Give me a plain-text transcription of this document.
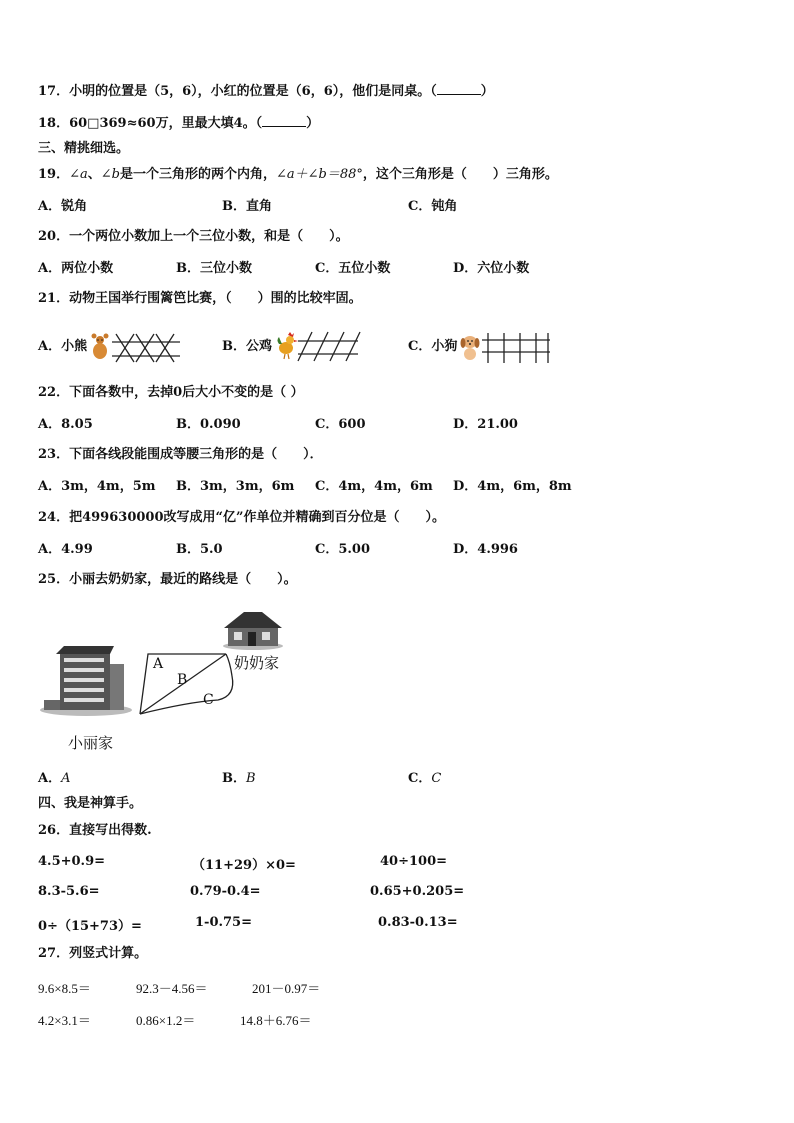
17．小明的位置是（5，6），小红的位置是（6，6），他们是同桌。（	）
18．60□369≈60万，里最大填4。（	）
三、精挑细选。
19．∠a、∠b是一个三角形的两个内角，∠a＋∠b＝88°，这个三角形是（　　）三角形。
A．锐角	B．直角	C．钝角
20．一个两位小数加上一个三位小数，和是（　　）。
A．两位小数	B．三位小数	C．五位小数	D．六位小数
21．动物王国举行围篱笆比赛，（　　）围的比较牢固。
A．小熊	B．公鸡	C．小狗
22．下面各数中，去掉0后大小不变的是（ ）
A．8.05	B．0.090	C．600	D．21.00
23．下面各线段能围成等腰三角形的是（　　）．
A．3m，4m，5m B．3m，3m，6m C．4m，4m，6m D．4m，6m，8m
24．把499630000改写成用“亿”作单位并精确到百分位是（　　）。
A．4.99	B．5.0	C．5.00	D．4.996
25．小丽去奶奶家，最近的路线是（　　）。
A
B
C
奶奶家
小丽家
A．A	B．B	C．C
四、我是神算手。
26．直接写出得数.
4.5+0.9=	（11+29）×0=	40÷100=
8.3-5.6=	0.79-0.4=	0.65+0.205=
0÷（15+73）=	1-0.75=	0.83-0.13=
27．列竖式计算。
9.6×8.5＝	92.3－4.56＝	201－0.97＝
4.2×3.1＝	0.86×1.2＝	14.8＋6.76＝
